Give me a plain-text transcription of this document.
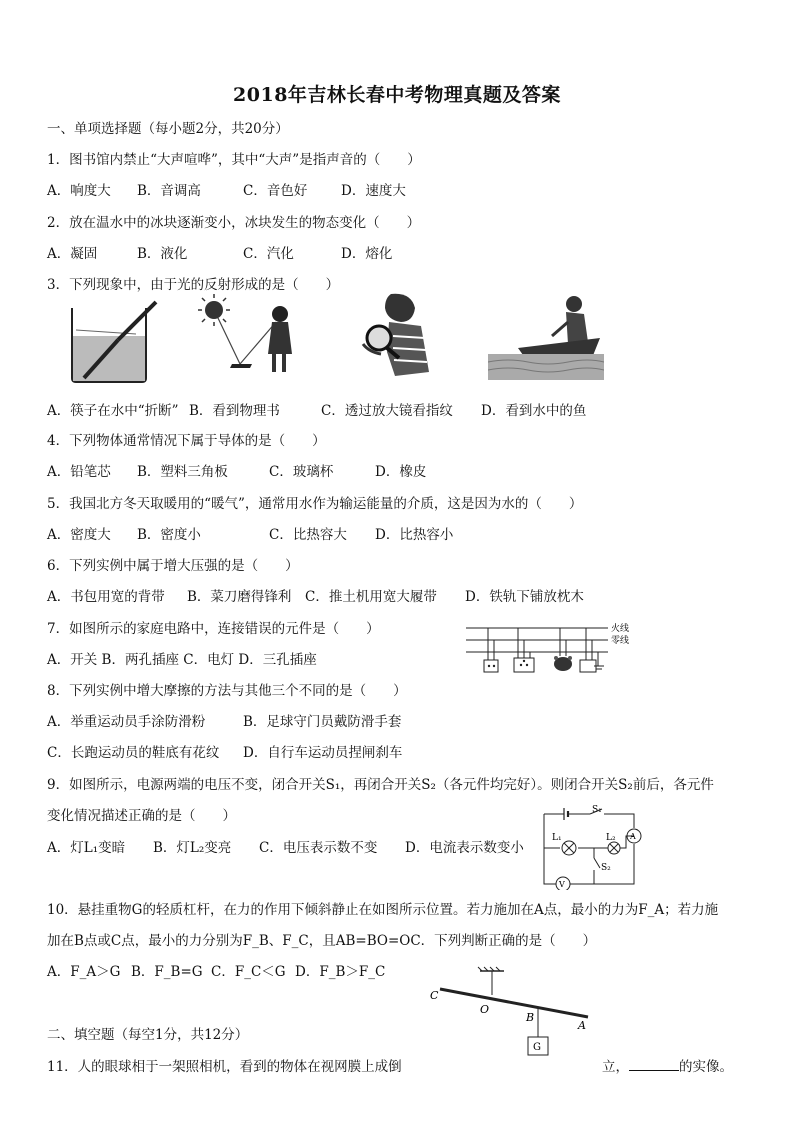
2018年吉林长春中考物理真题及答案
一、单项选择题（每小题2分，共20分）
1．图书馆内禁止“大声喧哗”，其中“大声”是指声音的（　　）
A．响度大 B．音调高	C．音色好 D．速度大
2．放在温水中的冰块逐渐变小，冰块发生的物态变化（　　）
A．凝固	B．液化	C．汽化	D．熔化
3．下列现象中，由于光的反射形成的是（　　）
A．筷子在水中“折断” B．看到物理书	C．透过放大镜看指纹 D．看到水中的鱼
4．下列物体通常情况下属于导体的是（　　）
A．铅笔芯 B．塑料三角板	C．玻璃杯	D．橡皮
5．我国北方冬天取暖用的“暖气”，通常用水作为输运能量的介质，这是因为水的（　　）
A．密度大 B．密度小	C．比热容大 D．比热容小
6．下列实例中属于增大压强的是（　　）
A．书包用宽的背带 B．菜刀磨得锋利 C．推土机用宽大履带 D．铁轨下铺放枕木
7．如图所示的家庭电路中，连接错误的元件是（　　）
A．开关 B．两孔插座 C．电灯 D．三孔插座
火线
零线
8．下列实例中增大摩擦的方法与其他三个不同的是（　　）
A．举重运动员手涂防滑粉	B．足球守门员戴防滑手套
C．长跑运动员的鞋底有花纹 D．自行车运动员捏闸刹车
9．如图所示，电源两端的电压不变，闭合开关S₁，再闭合开关S₂（各元件均完好）。则闭合开关S₂前后，各元件
变化情况描述正确的是（　　）
A．灯L₁变暗 B．灯L₂变亮 C．电压表示数不变 D．电流表示数变小
S₁
L₁	L₂ A
V
S₂
10．悬挂重物G的轻质杠杆，在力的作用下倾斜静止在如图所示位置。若力施加在A点，最小的力为F_A；若力施
加在B点或C点，最小的力分别为F_B、F_C，且AB=BO=OC．下列判断正确的是（　　）
A．F_A＞G B．F_B=G C．F_C＜G D．F_B＞F_C
C
O
B
A
G
二、填空题（每空1分，共12分）
11．人的眼球相于一架照相机，看到的物体在视网膜上成倒	立，	的实像。
